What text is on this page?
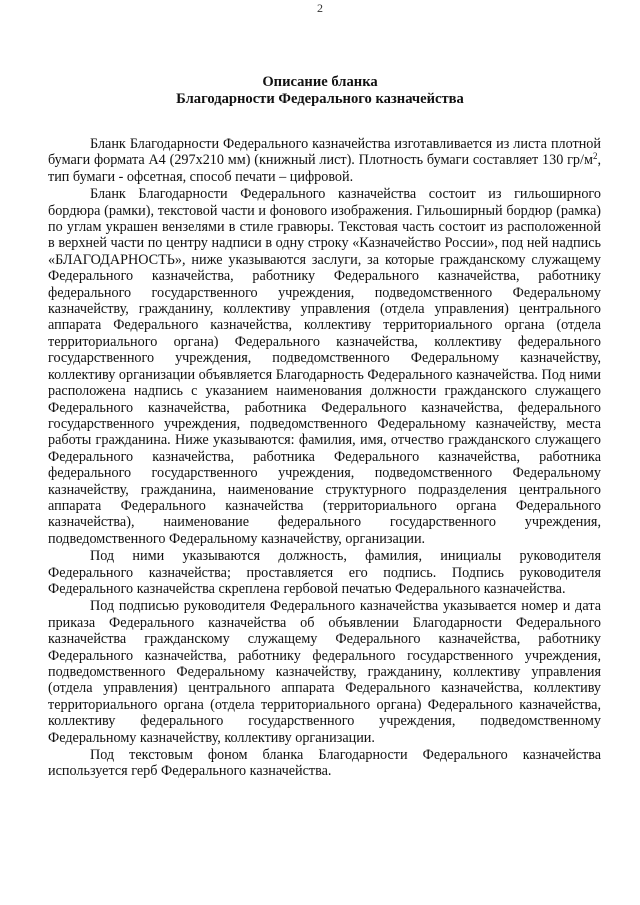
2
Описание бланка
Благодарности Федерального казначейства

Бланк Благодарности Федерального казначейства изготавливается из листа плотной бумаги формата А4 (297x210 мм) (книжный лист). Плотность бумаги составляет 130 $гр/м^2$, тип бумаги - офсетная, способ печати – цифровой.

Бланк Благодарности Федерального казначейства состоит из гильоширного бордюра (рамки), текстовой части и фонового изображения. Гильоширный бордюр (рамка) по углам украшен вензелями в стиле гравюры. Текстовая часть состоит из расположенной в верхней части по центру надписи в одну строку «Казначейство России», под ней надпись «БЛАГОДАРНОСТЬ», ниже указываются заслуги, за которые гражданскому служащему Федерального казначейства, работнику Федерального казначейства, работнику федерального государственного учреждения, подведомственного Федеральному казначейству, гражданину, коллективу управления (отдела управления) центрального аппарата Федерального казначейства, коллективу территориального органа (отдела территориального органа) Федерального казначейства, коллективу федерального государственного учреждения, подведомственного Федеральному казначейству, коллективу организации объявляется Благодарность Федерального казначейства. Под ними расположена надпись с указанием наименования должности гражданского служащего Федерального казначейства, работника Федерального казначейства, федерального государственного учреждения, подведомственного Федеральному казначейству, места работы гражданина. Ниже указываются: фамилия, имя, отчество гражданского служащего Федерального казначейства, работника Федерального казначейства, работника федерального государственного учреждения, подведомственного Федеральному казначейству, гражданина, наименование структурного подразделения центрального аппарата Федерального казначейства (территориального органа Федерального казначейства), наименование федерального государственного учреждения, подведомственного Федеральному казначейству, организации.

Под ними указываются должность, фамилия, инициалы руководителя Федерального казначейства; проставляется его подпись. Подпись руководителя Федерального казначейства скреплена гербовой печатью Федерального казначейства.

Под подписью руководителя Федерального казначейства указывается номер и дата приказа Федерального казначейства об объявлении Благодарности Федерального казначейства гражданскому служащему Федерального казначейства, работнику Федерального казначейства, работнику федерального государственного учреждения, подведомственного Федеральному казначейству, гражданину, коллективу управления (отдела управления) центрального аппарата Федерального казначейства, коллективу территориального органа (отдела территориального органа) Федерального казначейства, коллективу федерального государственного учреждения, подведомственному Федеральному казначейству, коллективу организации.

Под текстовым фоном бланка Благодарности Федерального казначейства используется герб Федерального казначейства.
